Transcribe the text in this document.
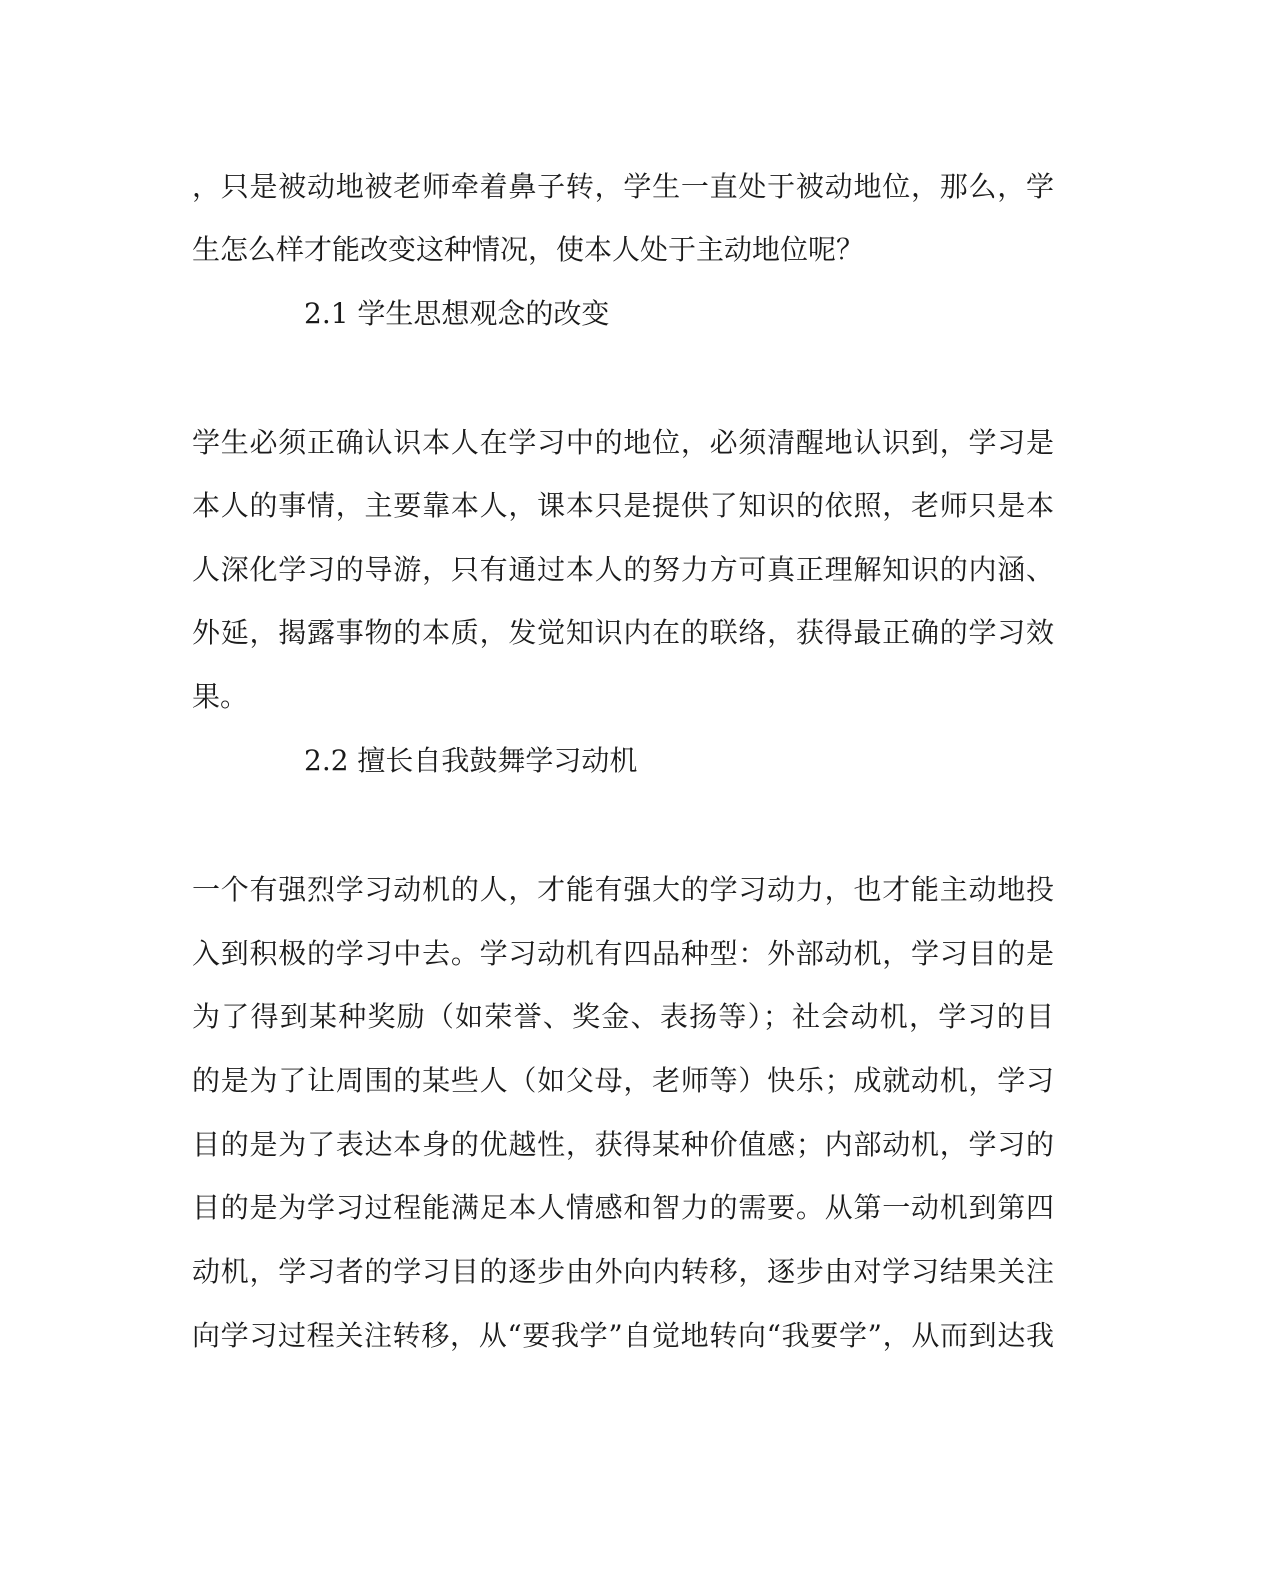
，只是被动地被老师牵着鼻子转，学生一直处于被动地位，那么，学
生怎么样才能改变这种情况，使本人处于主动地位呢？
2.1 学生思想观念的改变
学生必须正确认识本人在学习中的地位，必须清醒地认识到，学习是
本人的事情，主要靠本人，课本只是提供了知识的依照，老师只是本
人深化学习的导游，只有通过本人的努力方可真正理解知识的内涵、
外延，揭露事物的本质，发觉知识内在的联络，获得最正确的学习效
果。
2.2 擅长自我鼓舞学习动机
一个有强烈学习动机的人，才能有强大的学习动力，也才能主动地投
入到积极的学习中去。学习动机有四品种型：外部动机，学习目的是
为了得到某种奖励（如荣誉、奖金、表扬等）；社会动机，学习的目
的是为了让周围的某些人（如父母，老师等）快乐；成就动机，学习
目的是为了表达本身的优越性，获得某种价值感；内部动机，学习的
目的是为学习过程能满足本人情感和智力的需要。从第一动机到第四
动机，学习者的学习目的逐步由外向内转移，逐步由对学习结果关注
向学习过程关注转移，从“要我学”自觉地转向“我要学”，从而到达我
